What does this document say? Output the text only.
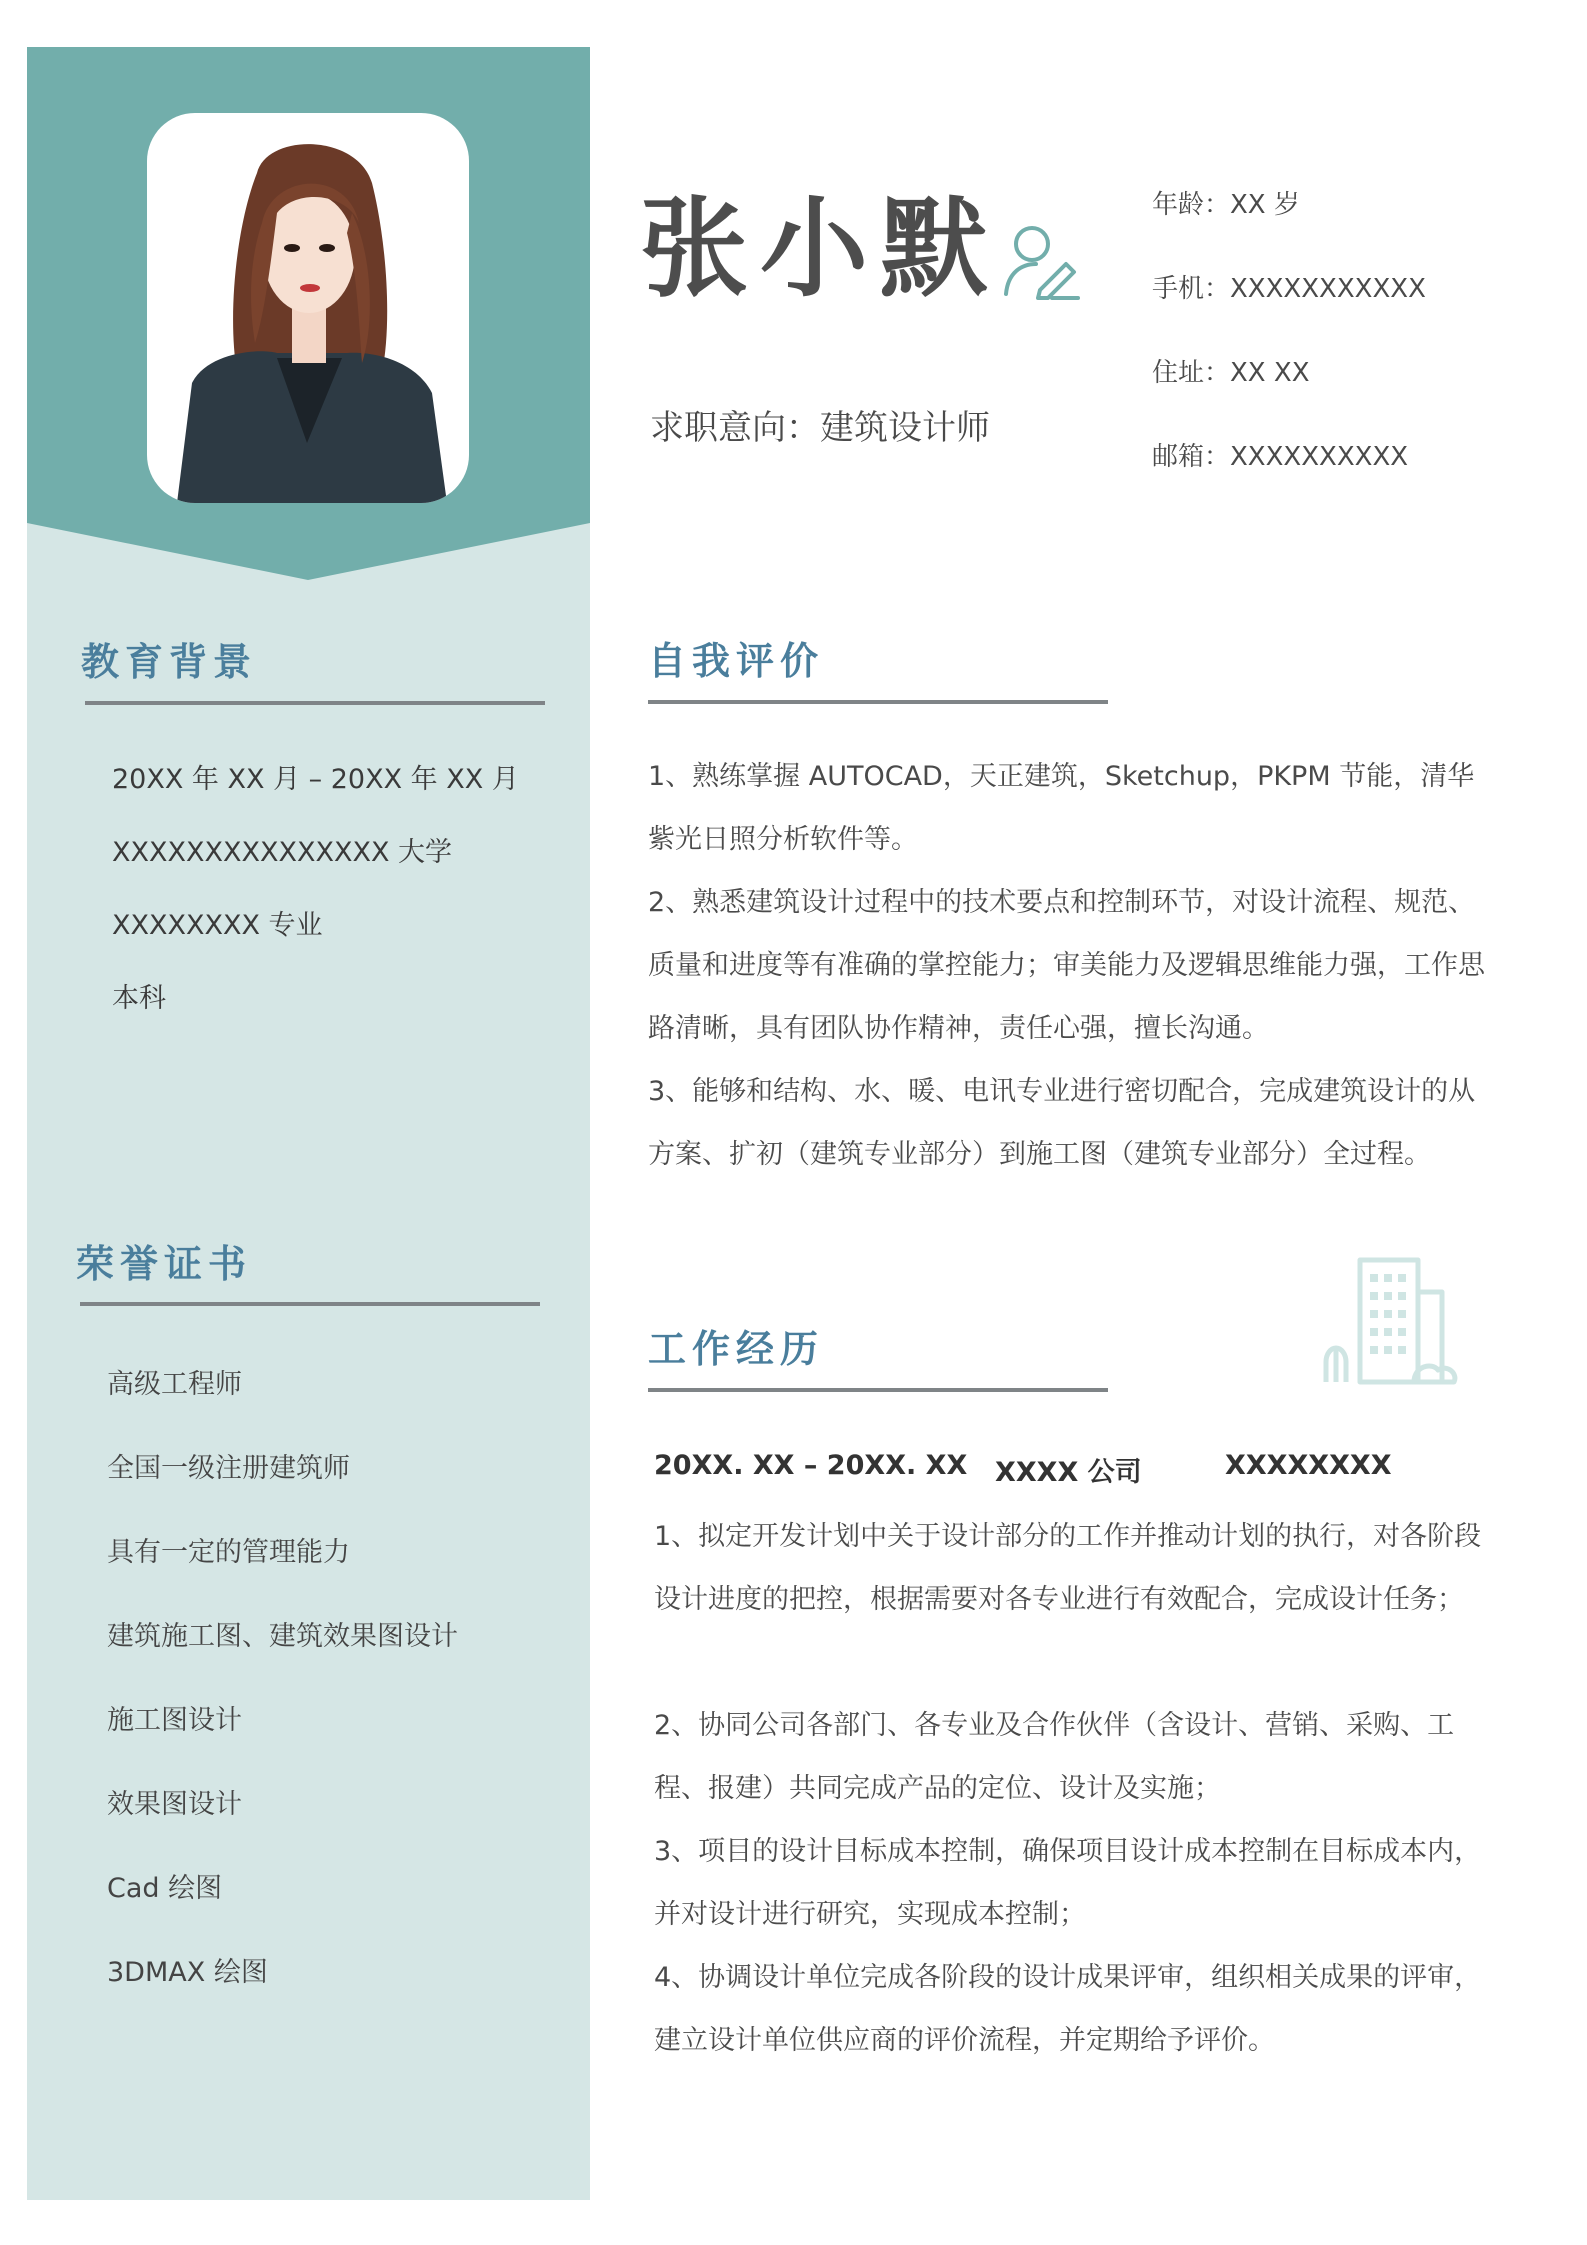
教育背景

20XX 年 XX 月 – 20XX 年 XX 月

XXXXXXXXXXXXXXX 大学

XXXXXXXX 专业

本科

荣誉证书

高级工程师

全国一级注册建筑师

具有一定的管理能力

建筑施工图、建筑效果图设计

施工图设计

效果图设计

Cad 绘图

3DMAX 绘图

张小默

求职意向：建筑设计师

年龄：XX 岁

手机：XXXXXXXXXXX

住址：XX XX

邮箱：XXXXXXXXXX

自我评价

1、熟练掌握 AUTOCAD，天正建筑，Sketchup，PKPM 节能，清华紫光日照分析软件等。

2、熟悉建筑设计过程中的技术要点和控制环节，对设计流程、规范、质量和进度等有准确的掌控能力；审美能力及逻辑思维能力强，工作思路清晰，具有团队协作精神，责任心强，擅长沟通。

3、能够和结构、水、暖、电讯专业进行密切配合，完成建筑设计的从方案、扩初（建筑专业部分）到施工图（建筑专业部分）全过程。

工作经历

20XX. XX – 20XX. XX XXXX 公司	XXXXXXXX

1、拟定开发计划中关于设计部分的工作并推动计划的执行，对各阶段设计进度的把控，根据需要对各专业进行有效配合，完成设计任务；

2、协同公司各部门、各专业及合作伙伴（含设计、营销、采购、工程、报建）共同完成产品的定位、设计及实施；

3、项目的设计目标成本控制，确保项目设计成本控制在目标成本内，并对设计进行研究，实现成本控制；

4、协调设计单位完成各阶段的设计成果评审，组织相关成果的评审，建立设计单位供应商的评价流程，并定期给予评价。
